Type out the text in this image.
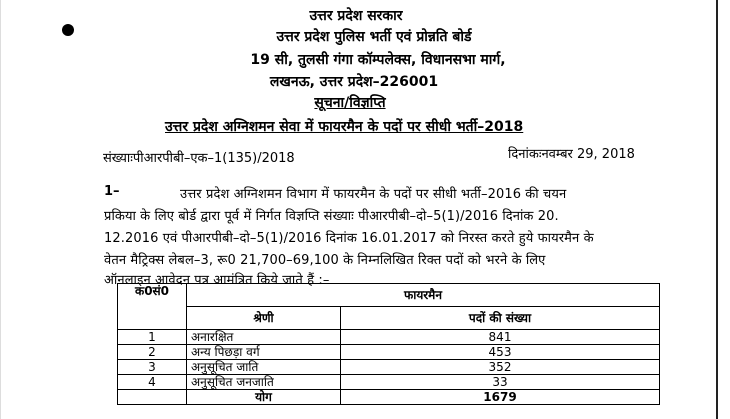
उत्तर प्रदेश सरकार
उत्तर प्रदेश पुलिस भर्ती एवं प्रोन्नति बोर्ड
19 सी, तुलसी गंगा कॉम्पलेक्स, विधानसभा मार्ग,
लखनऊ, उत्तर प्रदेश–226001
सूचना/विज्ञप्ति
उत्तर प्रदेश अग्निशमन सेवा में फायरमैन के पदों पर सीधी भर्ती–2018
संख्याःपीआरपीबी–एक–1(135)/2018	दिनांकःनवम्बर 29, 2018
1–	उत्तर प्रदेश अग्निशमन विभाग में फायरमैन के पदों पर सीधी भर्ती–2016 की चयन
प्रकिया के लिए बोर्ड द्वारा पूर्व में निर्गत विज्ञप्ति संख्याः पीआरपीबी–दो–5(1)/2016 दिनांक 20.
12.2016 एवं पीआरपीबी–दो–5(1)/2016 दिनांक 16.01.2017 को निरस्त करते हुये फायरमैन के
वेतन मैट्रिक्स लेबल–3, रू0 21,700–69,100 के निम्नलिखित रिक्त पदों को भरने के लिए
ऑनलाइन आवेदन पत्र आमंत्रित किये जाते हैं :–
क0सं0	फायरमैन	
	श्रेणी	पदों की संख्या
1	अनारक्षित	841
2	अन्य पिछड़ा वर्ग	453
3	अनुसूचित जाति	352
4	अनुसूचित जनजाति	33
	योग	1679
